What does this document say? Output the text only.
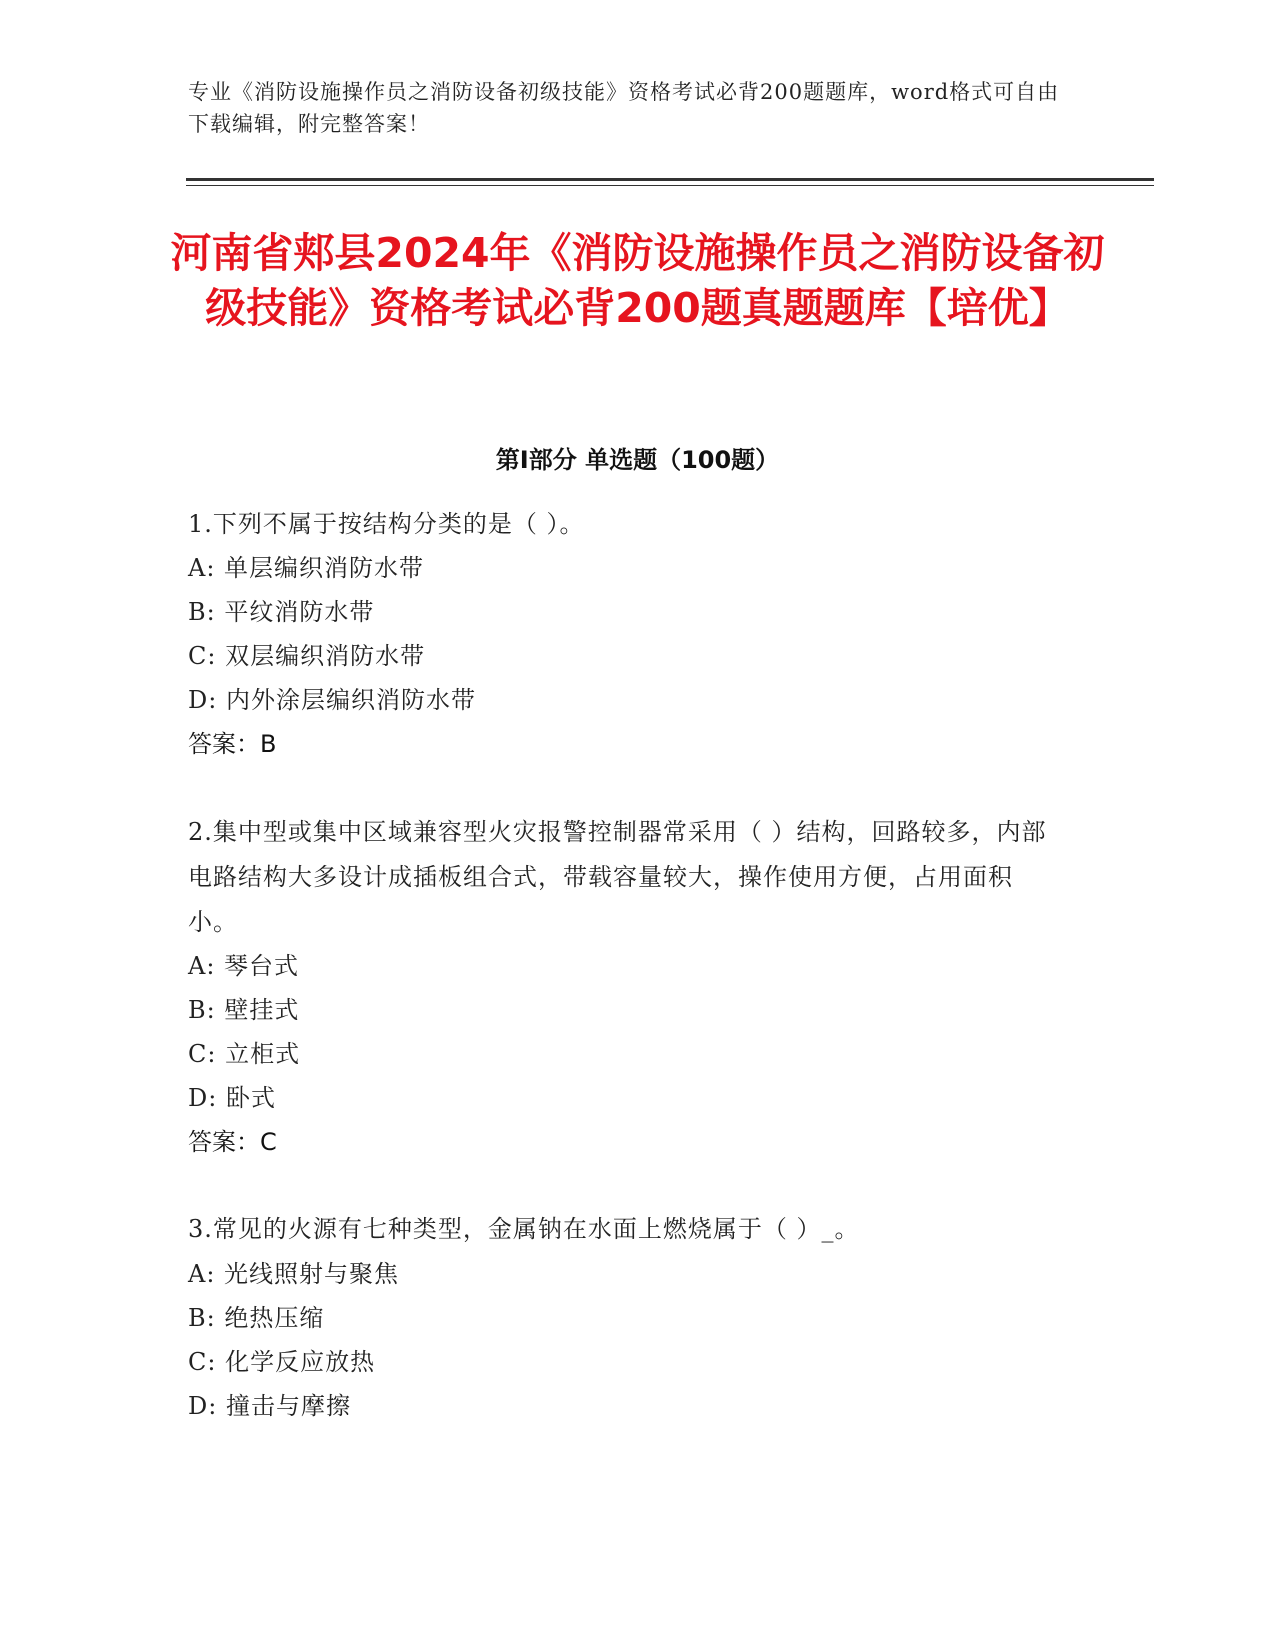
专业《消防设施操作员之消防设备初级技能》资格考试必背200题题库，word格式可自由下载编辑，附完整答案！
河南省郏县2024年《消防设施操作员之消防设备初级技能》资格考试必背200题真题题库【培优】
第Ⅰ部分 单选题（100题）
1.下列不属于按结构分类的是（ ）。
A: 单层编织消防水带
B: 平纹消防水带
C: 双层编织消防水带
D: 内外涂层编织消防水带
答案：B
2.集中型或集中区域兼容型火灾报警控制器常采用（ ）结构，回路较多，内部电路结构大多设计成插板组合式，带载容量较大，操作使用方便，占用面积小。
A: 琴台式
B: 壁挂式
C: 立柜式
D: 卧式
答案：C
3.常见的火源有七种类型，金属钠在水面上燃烧属于（ ）_。
A: 光线照射与聚焦
B: 绝热压缩
C: 化学反应放热
D: 撞击与摩擦
